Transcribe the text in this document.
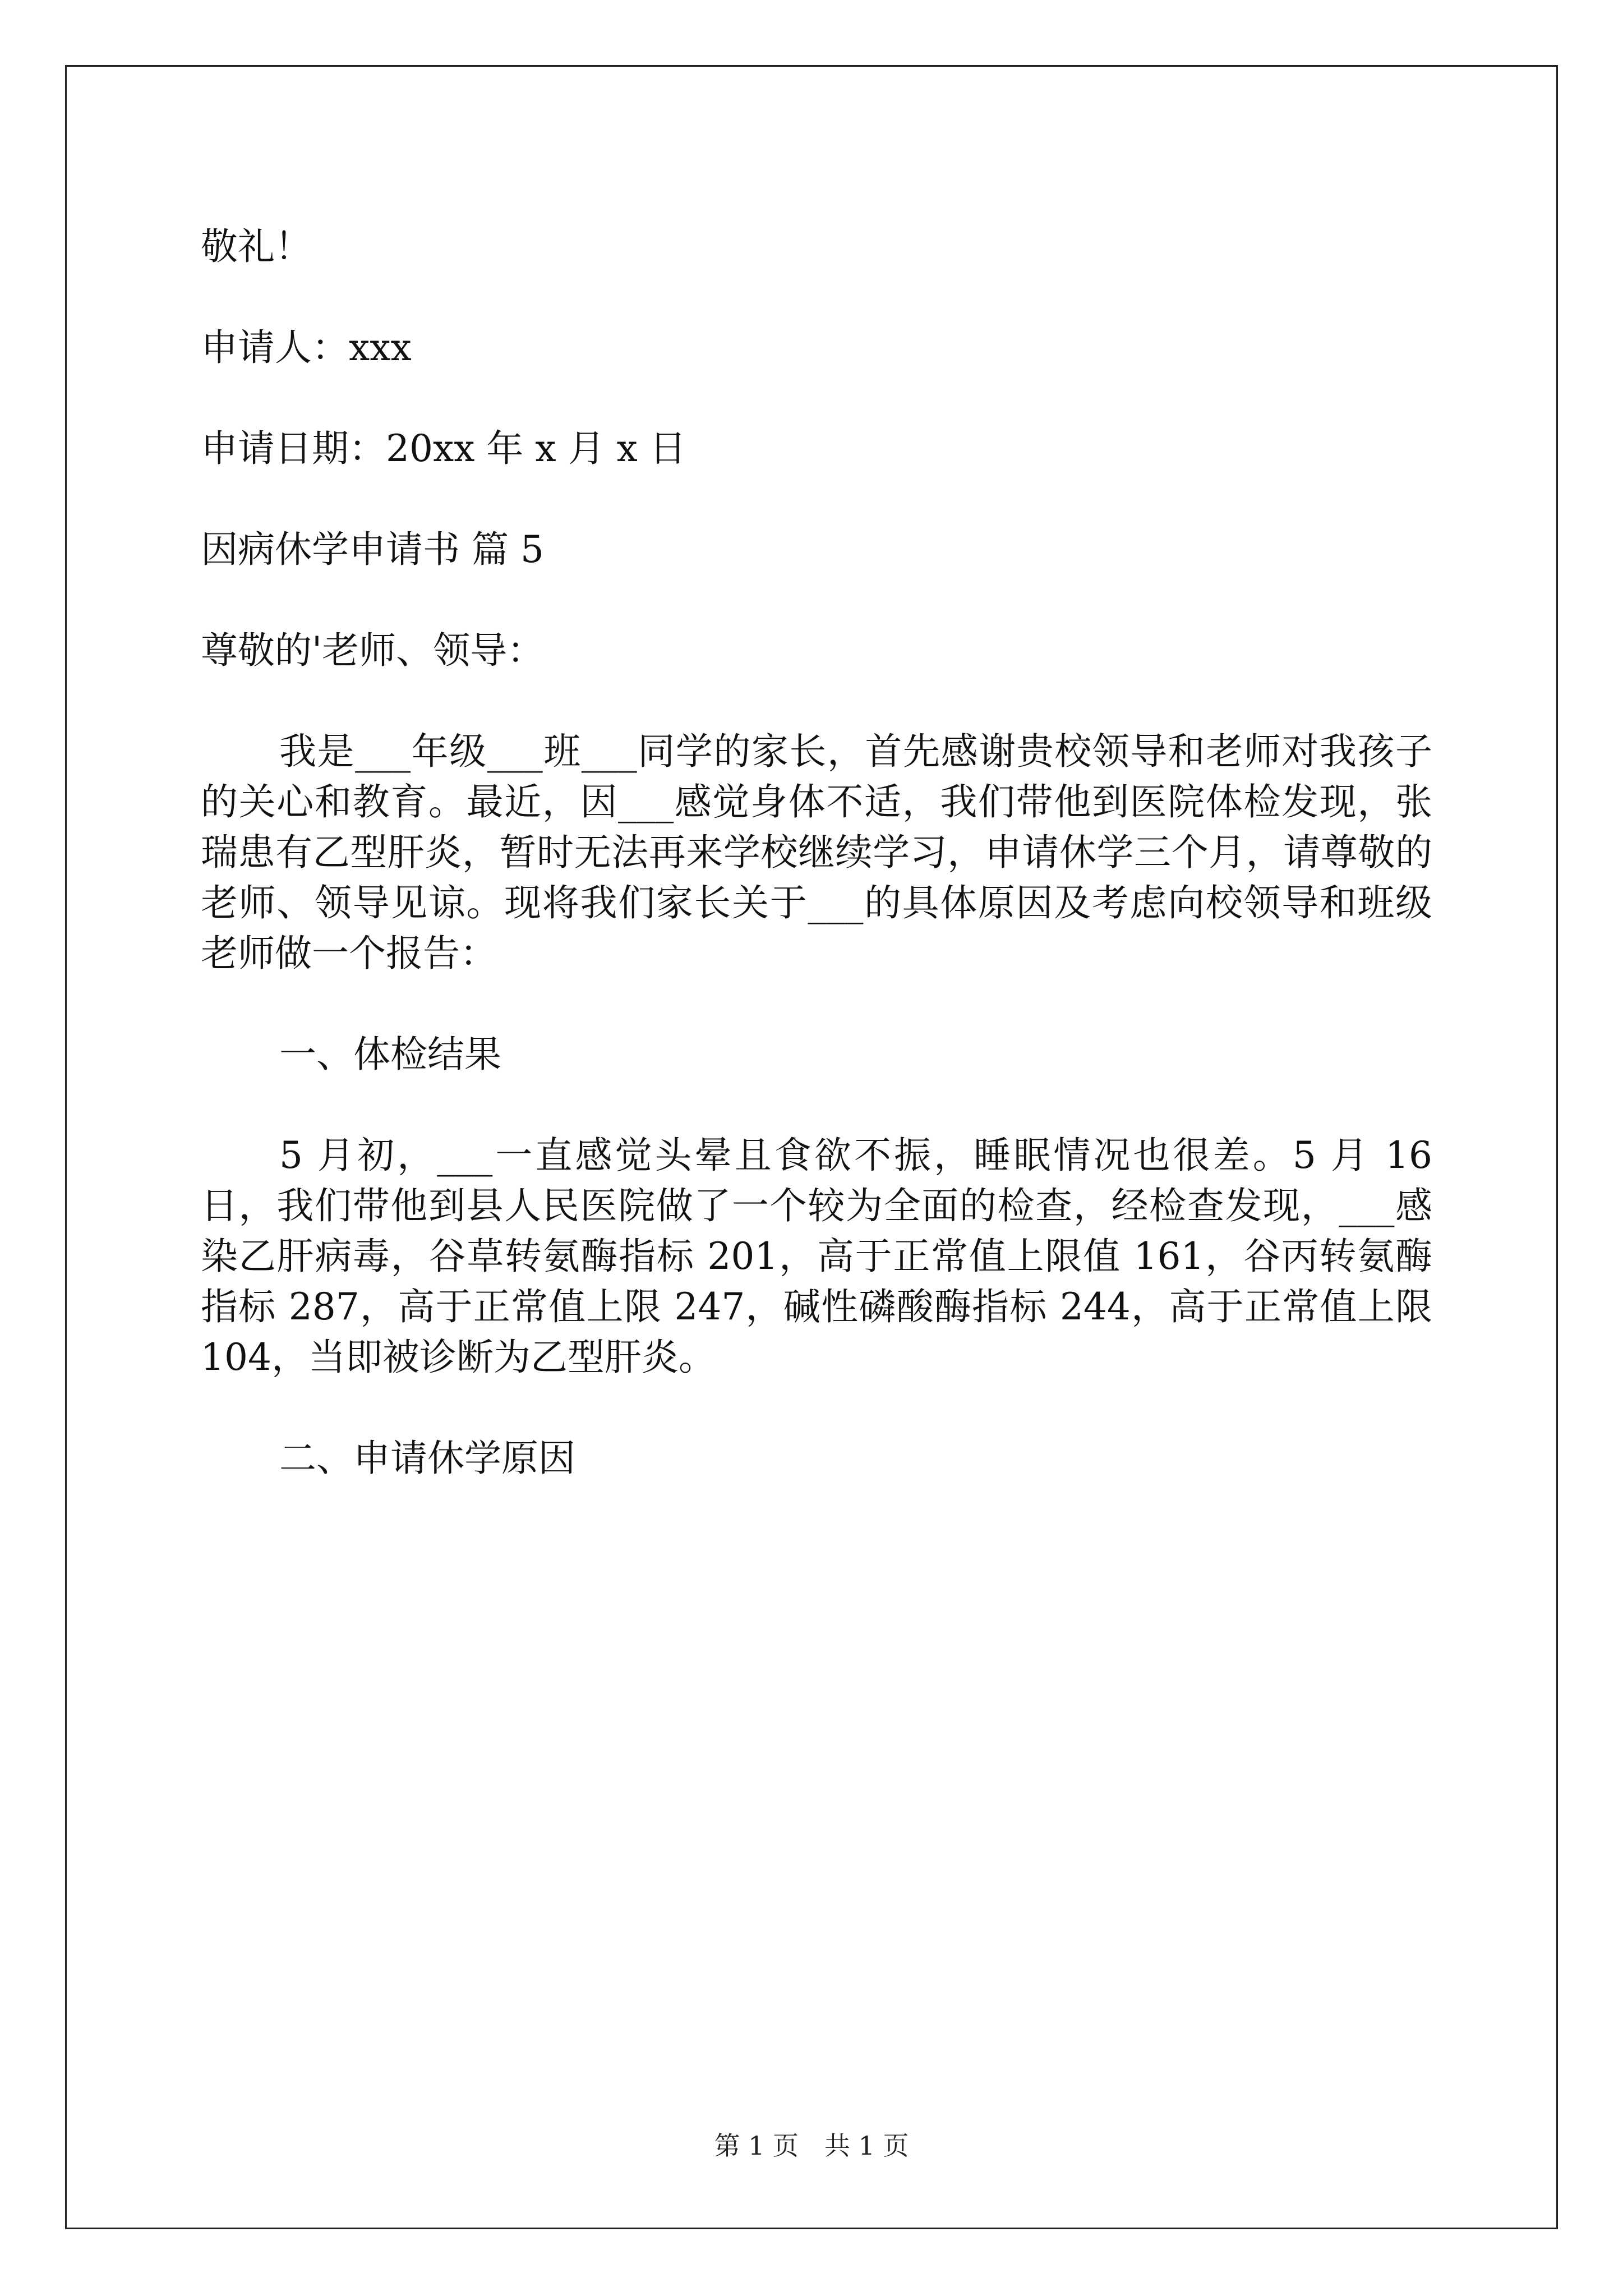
敬礼！
申请人：xxx
申请日期：20xx 年 x 月 x 日
因病休学申请书 篇 5
尊敬的'老师、领导：

我是___年级___班___同学的家长，首先感谢贵校领导和老师对我孩子的关心和教育。最近，因___感觉身体不适，我们带他到医院体检发现，张瑞患有乙型肝炎，暂时无法再来学校继续学习，申请休学三个月，请尊敬的老师、领导见谅。现将我们家长关于___的具体原因及考虑向校领导和班级老师做一个报告：

一、体检结果

5 月初，___一直感觉头晕且食欲不振，睡眠情况也很差。5 月 16 日，我们带他到县人民医院做了一个较为全面的检查，经检查发现，___感染乙肝病毒，谷草转氨酶指标 201，高于正常值上限值 161，谷丙转氨酶指标 287，高于正常值上限 247，碱性磷酸酶指标 244，高于正常值上限 104，当即被诊断为乙型肝炎。

二、申请休学原因
第 1 页　共 1 页
